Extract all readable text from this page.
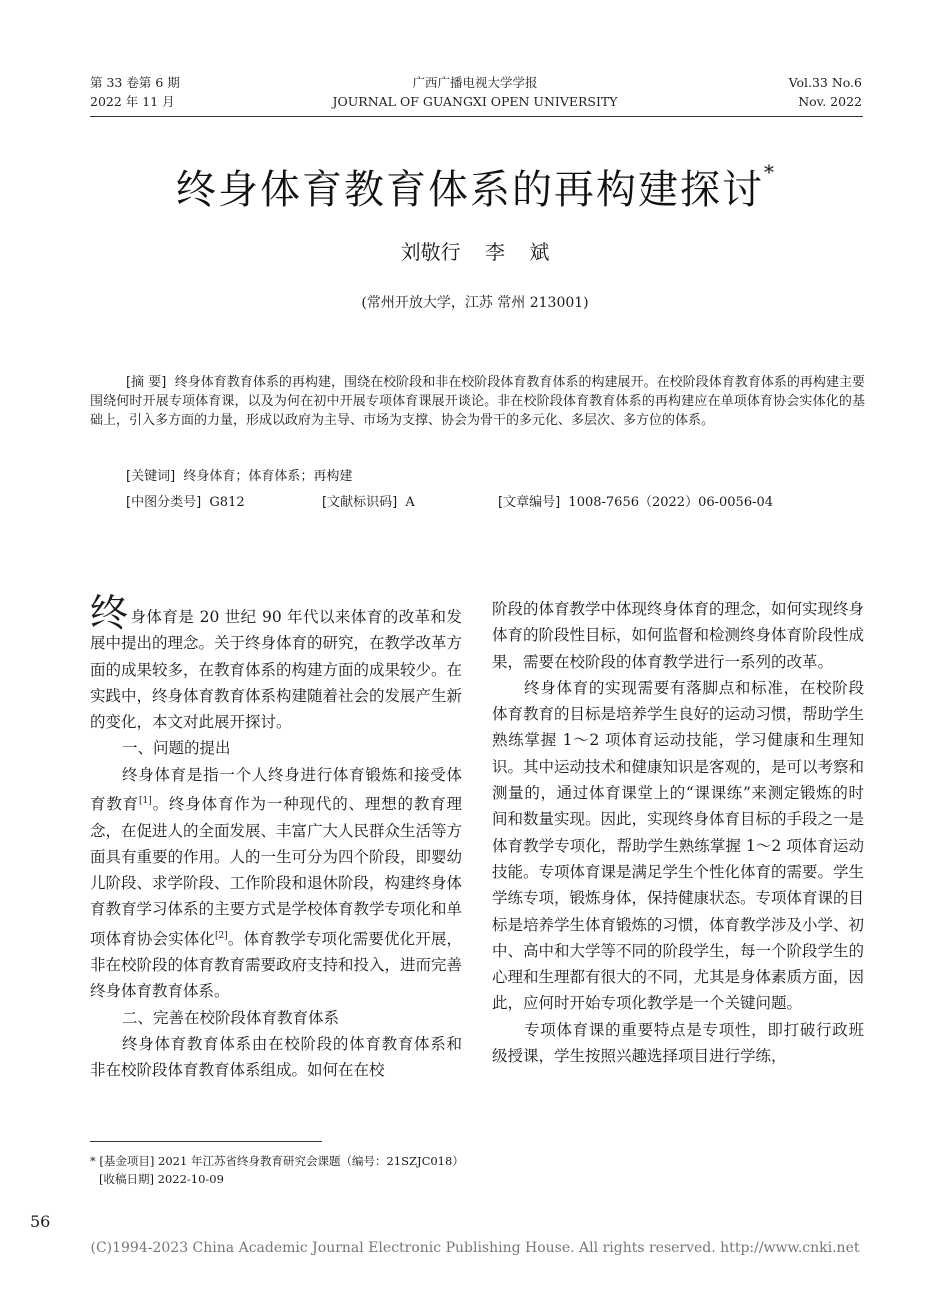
第 33 卷第 6 期
2022 年 11 月
广西广播电视大学学报
JOURNAL OF GUANGXI OPEN UNIVERSITY
Vol.33 No.6
Nov. 2022
终身体育教育体系的再构建探讨*
刘敬行 李 斌
(常州开放大学，江苏 常州 213001)

[摘 要] 终身体育教育体系的再构建，围绕在校阶段和非在校阶段体育教育体系的构建展开。在校阶段体育教育体系的再构建主要围绕何时开展专项体育课，以及为何在初中开展专项体育课展开谈论。非在校阶段体育教育体系的再构建应在单项体育协会实体化的基础上，引入多方面的力量，形成以政府为主导、市场为支撑、协会为骨干的多元化、多层次、多方位的体系。

[关键词] 终身体育；体育体系；再构建
[中图分类号] G812	[文献标识码] A	[文章编号] 1008-7656（2022）06-0056-04

终身体育是 20 世纪 90 年代以来体育的改革和发展中提出的理念。关于终身体育的研究，在教学改革方面的成果较多，在教育体系的构建方面的成果较少。在实践中，终身体育教育体系构建随着社会的发展产生新的变化，本文对此展开探讨。

一、问题的提出

终身体育是指一个人终身进行体育锻炼和接受体育教育[1]。终身体育作为一种现代的、理想的教育理念，在促进人的全面发展、丰富广大人民群众生活等方面具有重要的作用。人的一生可分为四个阶段，即婴幼儿阶段、求学阶段、工作阶段和退休阶段，构建终身体育教育学习体系的主要方式是学校体育教学专项化和单项体育协会实体化[2]。体育教学专项化需要优化开展，非在校阶段的体育教育需要政府支持和投入，进而完善终身体育教育体系。

二、完善在校阶段体育教育体系

终身体育教育体系由在校阶段的体育教育体系和非在校阶段体育教育体系组成。如何在在校

阶段的体育教学中体现终身体育的理念，如何实现终身体育的阶段性目标，如何监督和检测终身体育阶段性成果，需要在校阶段的体育教学进行一系列的改革。

终身体育的实现需要有落脚点和标准，在校阶段体育教育的目标是培养学生良好的运动习惯，帮助学生熟练掌握 1～2 项体育运动技能，学习健康和生理知识。其中运动技术和健康知识是客观的，是可以考察和测量的，通过体育课堂上的“课课练”来测定锻炼的时间和数量实现。因此，实现终身体育目标的手段之一是体育教学专项化，帮助学生熟练掌握 1～2 项体育运动技能。专项体育课是满足学生个性化体育的需要。学生学练专项，锻炼身体，保持健康状态。专项体育课的目标是培养学生体育锻炼的习惯，体育教学涉及小学、初中、高中和大学等不同的阶段学生，每一个阶段学生的心理和生理都有很大的不同，尤其是身体素质方面，因此，应何时开始专项化教学是一个关键问题。

专项体育课的重要特点是专项性，即打破行政班级授课，学生按照兴趣选择项目进行学练，

* [基金项目] 2021 年江苏省终身教育研究会课题（编号：21SZJC018）
[收稿日期] 2022-10-09
56
(C)1994-2023 China Academic Journal Electronic Publishing House. All rights reserved. http://www.cnki.net
